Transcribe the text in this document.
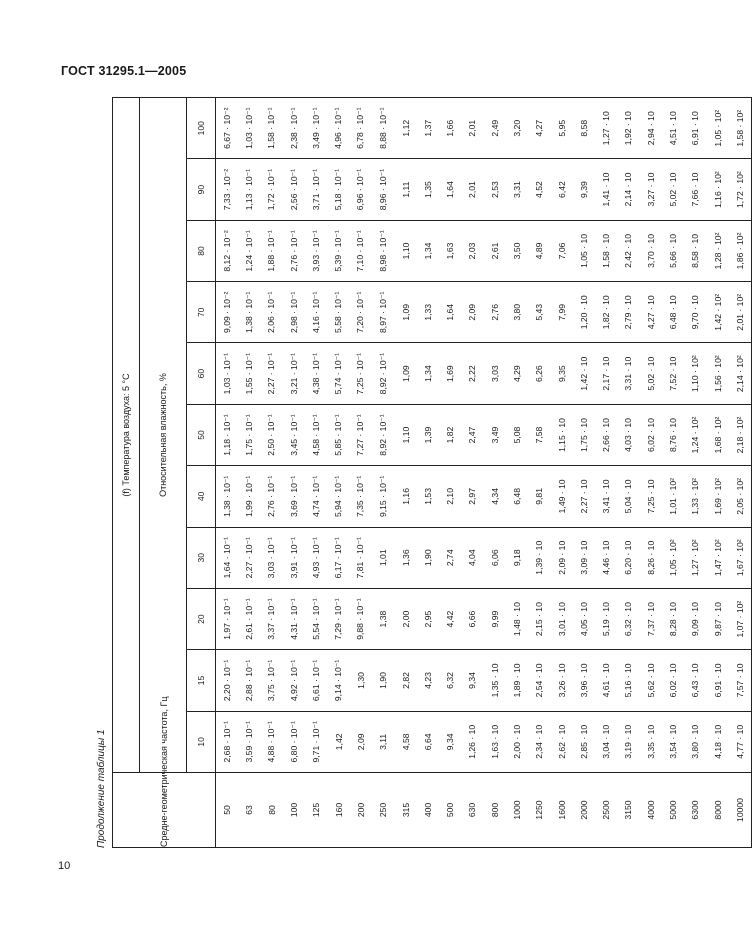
ГОСТ 31295.1—2005
Продолжение таблицы 1	Средне-геометрическая частота, Гц	(f) Температура воздуха: 5 °C										
	Относительная влажность, %										
	10	15	20	30	40	50	60	70	80	90	100
50	2,68 · 10⁻¹	2,20 · 10⁻¹	1,97 · 10⁻¹	1,64 · 10⁻¹	1,38 · 10⁻¹	1,18 · 10⁻¹	1,03 · 10⁻¹	9,09 · 10⁻²	8,12 · 10⁻²	7,33 · 10⁻²	6,67 · 10⁻²
63	3,59 · 10⁻¹	2,88 · 10⁻¹	2,61 · 10⁻¹	2,27 · 10⁻¹	1,99 · 10⁻¹	1,75 · 10⁻¹	1,55 · 10⁻¹	1,38 · 10⁻¹	1,24 · 10⁻¹	1,13 · 10⁻¹	1,03 · 10⁻¹
80	4,88 · 10⁻¹	3,75 · 10⁻¹	3,37 · 10⁻¹	3,03 · 10⁻¹	2,76 · 10⁻¹	2,50 · 10⁻¹	2,27 · 10⁻¹	2,06 · 10⁻¹	1,88 · 10⁻¹	1,72 · 10⁻¹	1,58 · 10⁻¹
100	6,80 · 10⁻¹	4,92 · 10⁻¹	4,31 · 10⁻¹	3,91 · 10⁻¹	3,69 · 10⁻¹	3,45 · 10⁻¹	3,21 · 10⁻¹	2,98 · 10⁻¹	2,76 · 10⁻¹	2,56 · 10⁻¹	2,38 · 10⁻¹
125	9,71 · 10⁻¹	6,61 · 10⁻¹	5,54 · 10⁻¹	4,93 · 10⁻¹	4,74 · 10⁻¹	4,58 · 10⁻¹	4,38 · 10⁻¹	4,16 · 10⁻¹	3,93 · 10⁻¹	3,71 · 10⁻¹	3,49 · 10⁻¹
160	1,42	9,14 · 10⁻¹	7,29 · 10⁻¹	6,17 · 10⁻¹	5,94 · 10⁻¹	5,85 · 10⁻¹	5,74 · 10⁻¹	5,58 · 10⁻¹	5,39 · 10⁻¹	5,18 · 10⁻¹	4,96 · 10⁻¹
200	2,09	1,30	9,88 · 10⁻¹	7,81 · 10⁻¹	7,35 · 10⁻¹	7,27 · 10⁻¹	7,25 · 10⁻¹	7,20 · 10⁻¹	7,10 · 10⁻¹	6,96 · 10⁻¹	6,78 · 10⁻¹
250	3,11	1,90	1,38	1,01	9,15 · 10⁻¹	8,92 · 10⁻¹	8,92 · 10⁻¹	8,97 · 10⁻¹	8,98 · 10⁻¹	8,96 · 10⁻¹	8,88 · 10⁻¹
315	4,58	2,82	2,00	1,36	1,16	1,10	1,09	1,09	1,10	1,11	1,12
400	6,64	4,23	2,95	1,90	1,53	1,39	1,34	1,33	1,34	1,35	1,37
500	9,34	6,32	4,42	2,74	2,10	1,82	1,69	1,64	1,63	1,64	1,66
630	1,26 · 10	9,34	6,66	4,04	2,97	2,47	2,22	2,09	2,03	2,01	2,01
800	1,63 · 10	1,35 · 10	9,99	6,06	4,34	3,49	3,03	2,76	2,61	2,53	2,49
1000	2,00 · 10	1,89 · 10	1,48 · 10	9,18	6,48	5,08	4,29	3,80	3,50	3,31	3,20
1250	2,34 · 10	2,54 · 10	2,15 · 10	1,39 · 10	9,81	7,58	6,26	5,43	4,89	4,52	4,27
1600	2,62 · 10	3,26 · 10	3,01 · 10	2,09 · 10	1,49 · 10	1,15 · 10	9,35	7,99	7,06	6,42	5,95
2000	2,85 · 10	3,96 · 10	4,05 · 10	3,09 · 10	2,27 · 10	1,75 · 10	1,42 · 10	1,20 · 10	1,05 · 10	9,39	8,58
2500	3,04 · 10	4,61 · 10	5,19 · 10	4,46 · 10	3,41 · 10	2,66 · 10	2,17 · 10	1,82 · 10	1,58 · 10	1,41 · 10	1,27 · 10
3150	3,19 · 10	5,16 · 10	6,32 · 10	6,20 · 10	5,04 · 10	4,03 · 10	3,31 · 10	2,79 · 10	2,42 · 10	2,14 · 10	1,92 · 10
4000	3,35 · 10	5,62 · 10	7,37 · 10	8,26 · 10	7,25 · 10	6,02 · 10	5,02 · 10	4,27 · 10	3,70 · 10	3,27 · 10	2,94 · 10
5000	3,54 · 10	6,02 · 10	8,28 · 10	1,05 · 10²	1,01 · 10²	8,76 · 10	7,52 · 10	6,48 · 10	5,66 · 10	5,02 · 10	4,51 · 10
6300	3,80 · 10	6,43 · 10	9,09 · 10	1,27 · 10²	1,33 · 10²	1,24 · 10²	1,10 · 10²	9,70 · 10	8,58 · 10	7,66 · 10	6,91 · 10
8000	4,18 · 10	6,91 · 10	9,87 · 10	1,47 · 10²	1,69 · 10²	1,68 · 10²	1,56 · 10²	1,42 · 10²	1,28 · 10²	1,16 · 10²	1,05 · 10²
10000	4,77 · 10	7,57 · 10	1,07 · 10²	1,67 · 10²	2,05 · 10²	2,18 · 10²	2,14 · 10²	2,01 · 10²	1,86 · 10²	1,72 · 10²	1,58 · 10²
10
